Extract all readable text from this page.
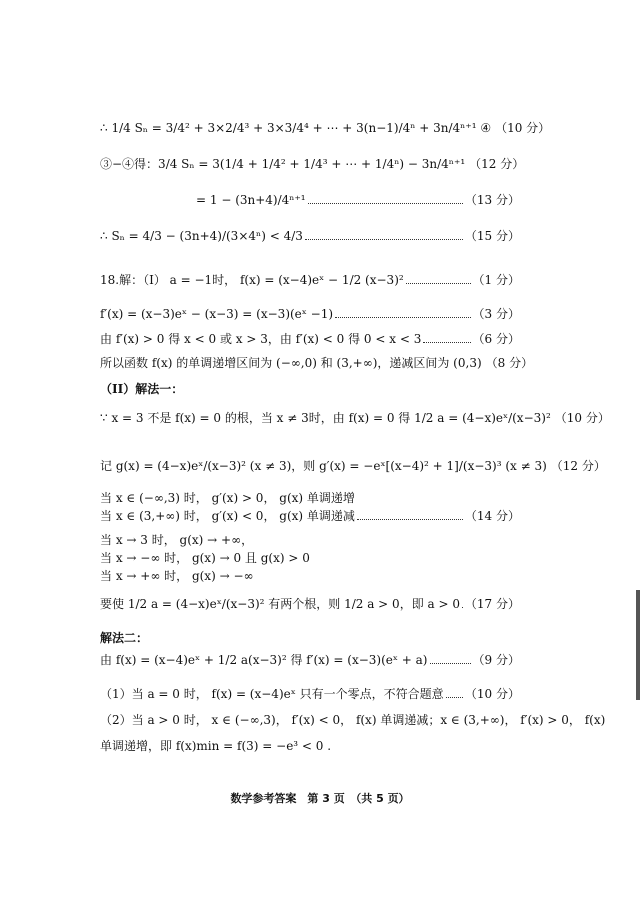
∴ 1/4 Sₙ = 3/4² + 3×2/4³ + 3×3/4⁴ + ⋯ + 3(n−1)/4ⁿ + 3n/4ⁿ⁺¹ ④ （10 分）
③−④得：3/4 Sₙ = 3(1/4 + 1/4² + 1/4³ + ⋯ + 1/4ⁿ) − 3n/4ⁿ⁺¹ （12 分）
= 1 − (3n+4)/4ⁿ⁺¹	（13 分）
∴ Sₙ = 4/3 − (3n+4)/(3×4ⁿ) < 4/3	（15 分）
18.解：（I） a = −1时， f(x) = (x−4)eˣ − 1/2 (x−3)²	（1 分）
f′(x) = (x−3)eˣ − (x−3) = (x−3)(eˣ −1)	（3 分）
由 f′(x) > 0 得 x < 0 或 x > 3，由 f′(x) < 0 得 0 < x < 3	（6 分）
所以函数 f(x) 的单调递增区间为 (−∞,0) 和 (3,+∞)，递减区间为 (0,3) （8 分）
（II）解法一：
∵ x = 3 不是 f(x) = 0 的根，当 x ≠ 3时，由 f(x) = 0 得 1/2 a = (4−x)eˣ/(x−3)² （10 分）
记 g(x) = (4−x)eˣ/(x−3)² (x ≠ 3)，则 g′(x) = −eˣ[(x−4)² + 1]/(x−3)³ (x ≠ 3) （12 分）
当 x ∈ (−∞,3) 时， g′(x) > 0， g(x) 单调递增
当 x ∈ (3,+∞) 时， g′(x) < 0， g(x) 单调递减	（14 分）
当 x → 3 时， g(x) → +∞，
当 x → −∞ 时， g(x) → 0 且 g(x) > 0
当 x → +∞ 时， g(x) → −∞
要使 1/2 a = (4−x)eˣ/(x−3)² 有两个根，则 1/2 a > 0，即 a > 0 （17 分）
解法二：
由 f(x) = (x−4)eˣ + 1/2 a(x−3)² 得 f′(x) = (x−3)(eˣ + a)	（9 分）
（1）当 a = 0 时， f(x) = (x−4)eˣ 只有一个零点，不符合题意 （10 分）
（2）当 a > 0 时， x ∈ (−∞,3)， f′(x) < 0， f(x) 单调递减；x ∈ (3,+∞)， f′(x) > 0， f(x)
单调递增，即 f(x)min = f(3) = −e³ < 0 .
数学参考答案　第 3 页　（共 5 页）
